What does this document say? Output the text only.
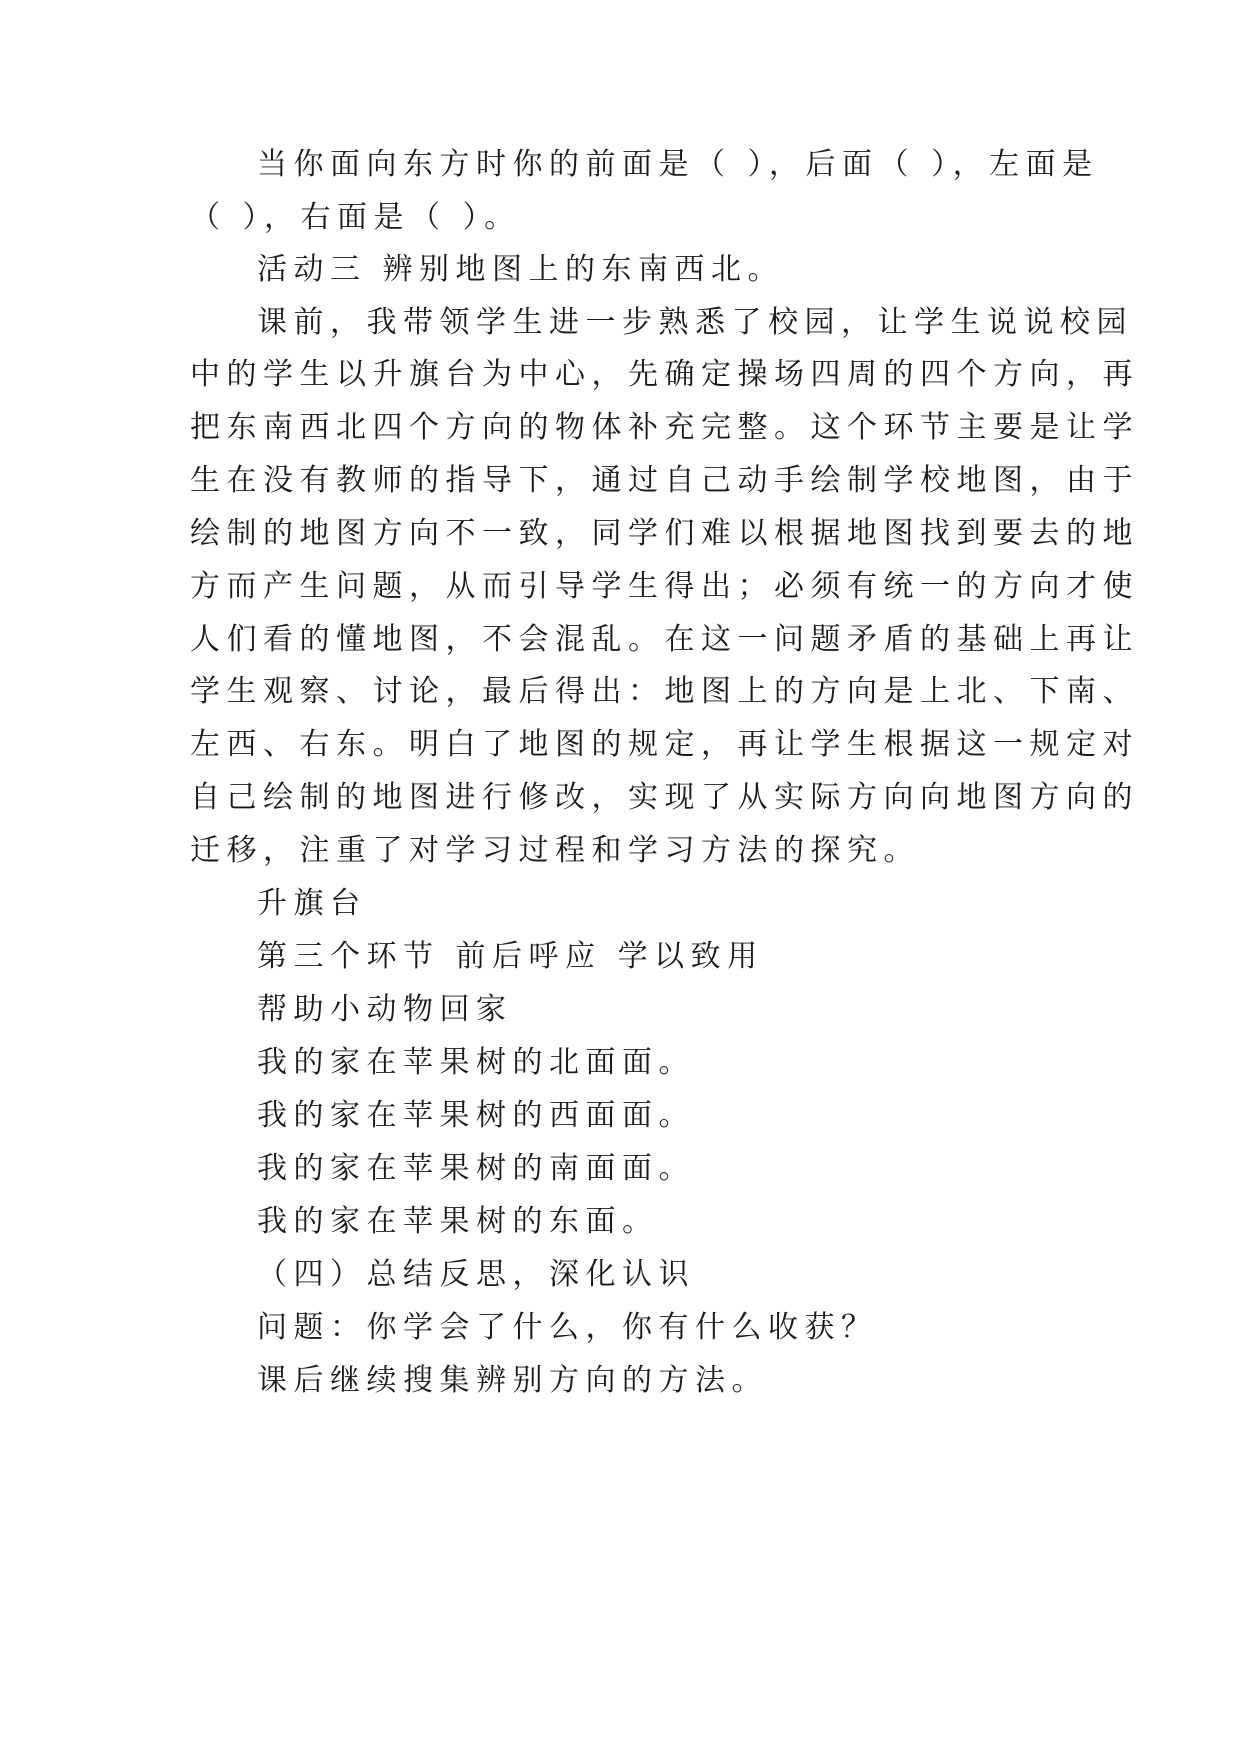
当你面向东方时你的前面是（ ），后面（ ），左面是
（ ），右面是（ ）。
活动三 辨别地图上的东南西北。
课前，我带领学生进一步熟悉了校园，让学生说说校园
中的学生以升旗台为中心，先确定操场四周的四个方向，再
把东南西北四个方向的物体补充完整。这个环节主要是让学
生在没有教师的指导下，通过自己动手绘制学校地图，由于
绘制的地图方向不一致，同学们难以根据地图找到要去的地
方而产生问题，从而引导学生得出；必须有统一的方向才使
人们看的懂地图，不会混乱。在这一问题矛盾的基础上再让
学生观察、讨论，最后得出：地图上的方向是上北、下南、
左西、右东。明白了地图的规定，再让学生根据这一规定对
自己绘制的地图进行修改，实现了从实际方向向地图方向的
迁移，注重了对学习过程和学习方法的探究。
升旗台
第三个环节 前后呼应 学以致用
帮助小动物回家
我的家在苹果树的北面面。
我的家在苹果树的西面面。
我的家在苹果树的南面面。
我的家在苹果树的东面。
（四）总结反思，深化认识
问题：你学会了什么，你有什么收获？
课后继续搜集辨别方向的方法。
